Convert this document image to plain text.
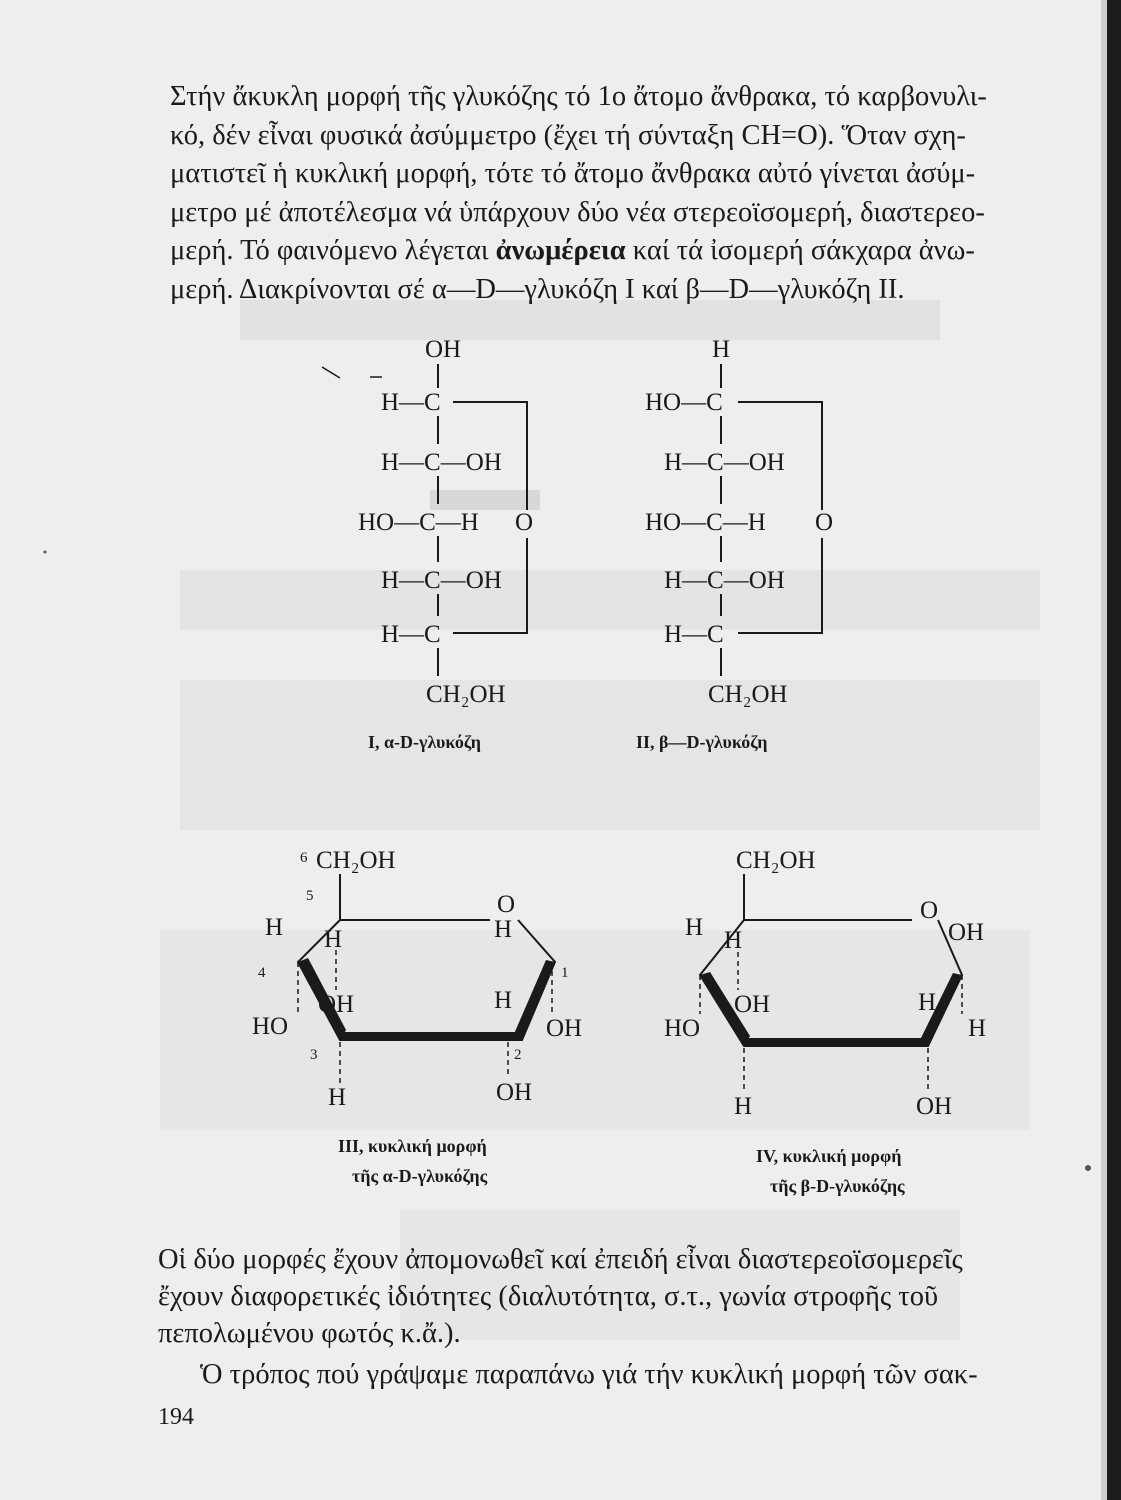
Στήν ἄκυκλη μορφή τῆς γλυκόζης τό 1ο ἄτομο ἄνθρακα, τό καρβονυλι-
κό, δέν εἶναι φυσικά ἀσύμμετρο (ἔχει τή σύνταξη CH=O). Ὅταν σχη-
ματιστεῖ ἡ κυκλική μορφή, τότε τό ἄτομο ἄνθρακα αὐτό γίνεται ἀσύμ-
μετρο μέ ἀποτέλεσμα νά ὑπάρχουν δύο νέα στερεοϊσομερή, διαστερεο-
μερή. Τό φαινόμενο λέγεται ἀνωμέρεια καί τά ἰσομερή σάκχαρα ἀνω-
μερή. Διακρίνονται σέ α—D—γλυκόζη Ι καί β—D—γλυκόζη ΙΙ.
OH
H—C
H—C—OH
HO—C—H O
H—C—OH
H—C
CH₂OH
Ι, α-D-γλυκόζη
H
HO—C
H—C—OH
HO—C—H O
H—C—OH
H—C
CH₂OH
ΙΙ, β—D-γλυκόζη
6 CH₂OH
5
H
O
H
4	1
H
OH
HO
H
OH
3	2
H	OH
ΙΙΙ, κυκλική μορφή
τῆς α-D-γλυκόζης
CH₂OH
H
O
OH
H
OH
HO
H
H
H	OH
IV, κυκλική μορφή
τῆς β-D-γλυκόζης
Οἱ δύο μορφές ἔχουν ἀπομονωθεῖ καί ἐπειδή εἶναι διαστερεοϊσομερεῖς
ἔχουν διαφορετικές ἰδιότητες (διαλυτότητα, σ.τ., γωνία στροφῆς τοῦ
πεπολωμένου φωτός κ.ἄ.).
Ὁ τρόπος πού γράψαμε παραπάνω γιά τήν κυκλική μορφή τῶν σακ-
194
